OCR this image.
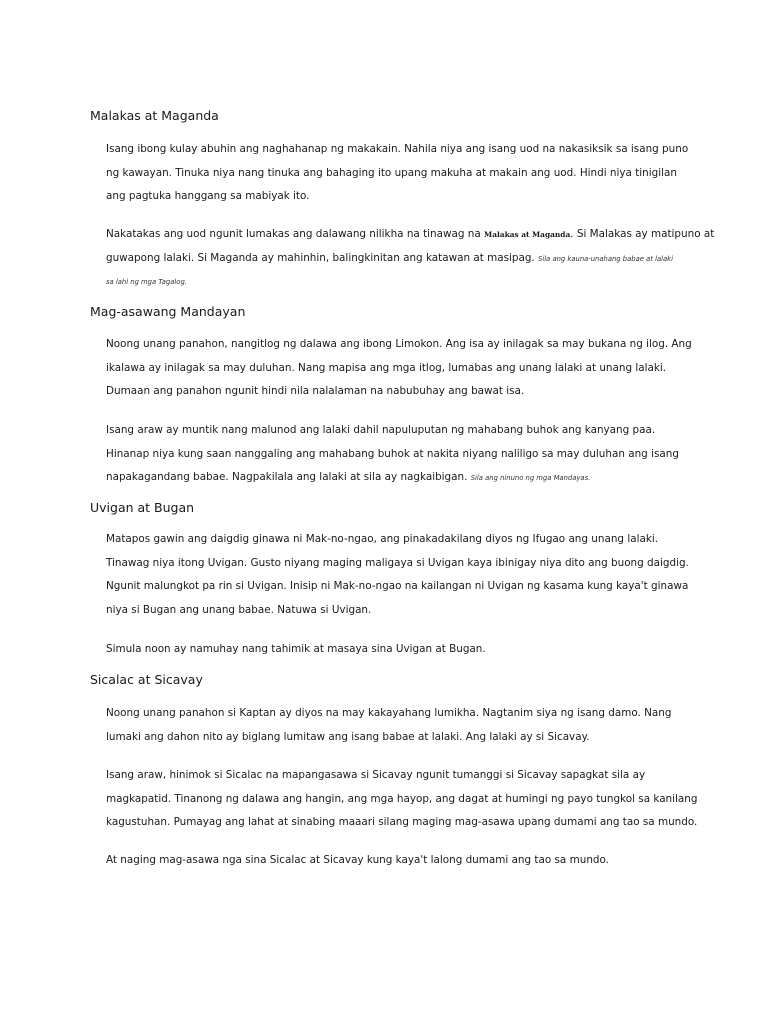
Malakas at Maganda
Isang ibong kulay abuhin ang naghahanap ng makakain. Nahila niya ang isang uod na nakasiksik sa isang puno
ng kawayan. Tinuka niya nang tinuka ang bahaging ito upang makuha at makain ang uod. Hindi niya tinigilan
ang pagtuka hanggang sa mabiyak ito.
Nakatakas ang uod ngunit lumakas ang dalawang nilikha na tinawag na Malakas at Maganda. Si Malakas ay matipuno at
guwapong lalaki. Si Maganda ay mahinhin, balingkinitan ang katawan at masipag. Sila ang kauna-unahang babae at lalaki
sa lahi ng mga Tagalog.
Mag-asawang Mandayan
Noong unang panahon, nangitlog ng dalawa ang ibong Limokon. Ang isa ay inilagak sa may bukana ng ilog. Ang
ikalawa ay inilagak sa may duluhan. Nang mapisa ang mga itlog, lumabas ang unang lalaki at unang lalaki.
Dumaan ang panahon ngunit hindi nila nalalaman na nabubuhay ang bawat isa.
Isang araw ay muntik nang malunod ang lalaki dahil napuluputan ng mahabang buhok ang kanyang paa.
Hinanap niya kung saan nanggaling ang mahabang buhok at nakita niyang naliligo sa may duluhan ang isang
napakagandang babae. Nagpakilala ang lalaki at sila ay nagkaibigan. Sila ang ninuno ng mga Mandayas.
Uvigan at Bugan
Matapos gawin ang daigdig ginawa ni Mak-no-ngao, ang pinakadakilang diyos ng Ifugao ang unang lalaki.
Tinawag niya itong Uvigan. Gusto niyang maging maligaya si Uvigan kaya ibinigay niya dito ang buong daigdig.
Ngunit malungkot pa rin si Uvigan. Inisip ni Mak-no-ngao na kailangan ni Uvigan ng kasama kung kaya't ginawa
niya si Bugan ang unang babae. Natuwa si Uvigan.
Simula noon ay namuhay nang tahimik at masaya sina Uvigan at Bugan.
Sicalac at Sicavay
Noong unang panahon si Kaptan ay diyos na may kakayahang lumikha. Nagtanim siya ng isang damo. Nang
lumaki ang dahon nito ay biglang lumitaw ang isang babae at lalaki. Ang lalaki ay si Sicavay.
Isang araw, hinimok si Sicalac na mapangasawa si Sicavay ngunit tumanggi si Sicavay sapagkat sila ay
magkapatid. Tinanong ng dalawa ang hangin, ang mga hayop, ang dagat at humingi ng payo tungkol sa kanilang
kagustuhan. Pumayag ang lahat at sinabing maaari silang maging mag-asawa upang dumami ang tao sa mundo.
At naging mag-asawa nga sina Sicalac at Sicavay kung kaya't lalong dumami ang tao sa mundo.
